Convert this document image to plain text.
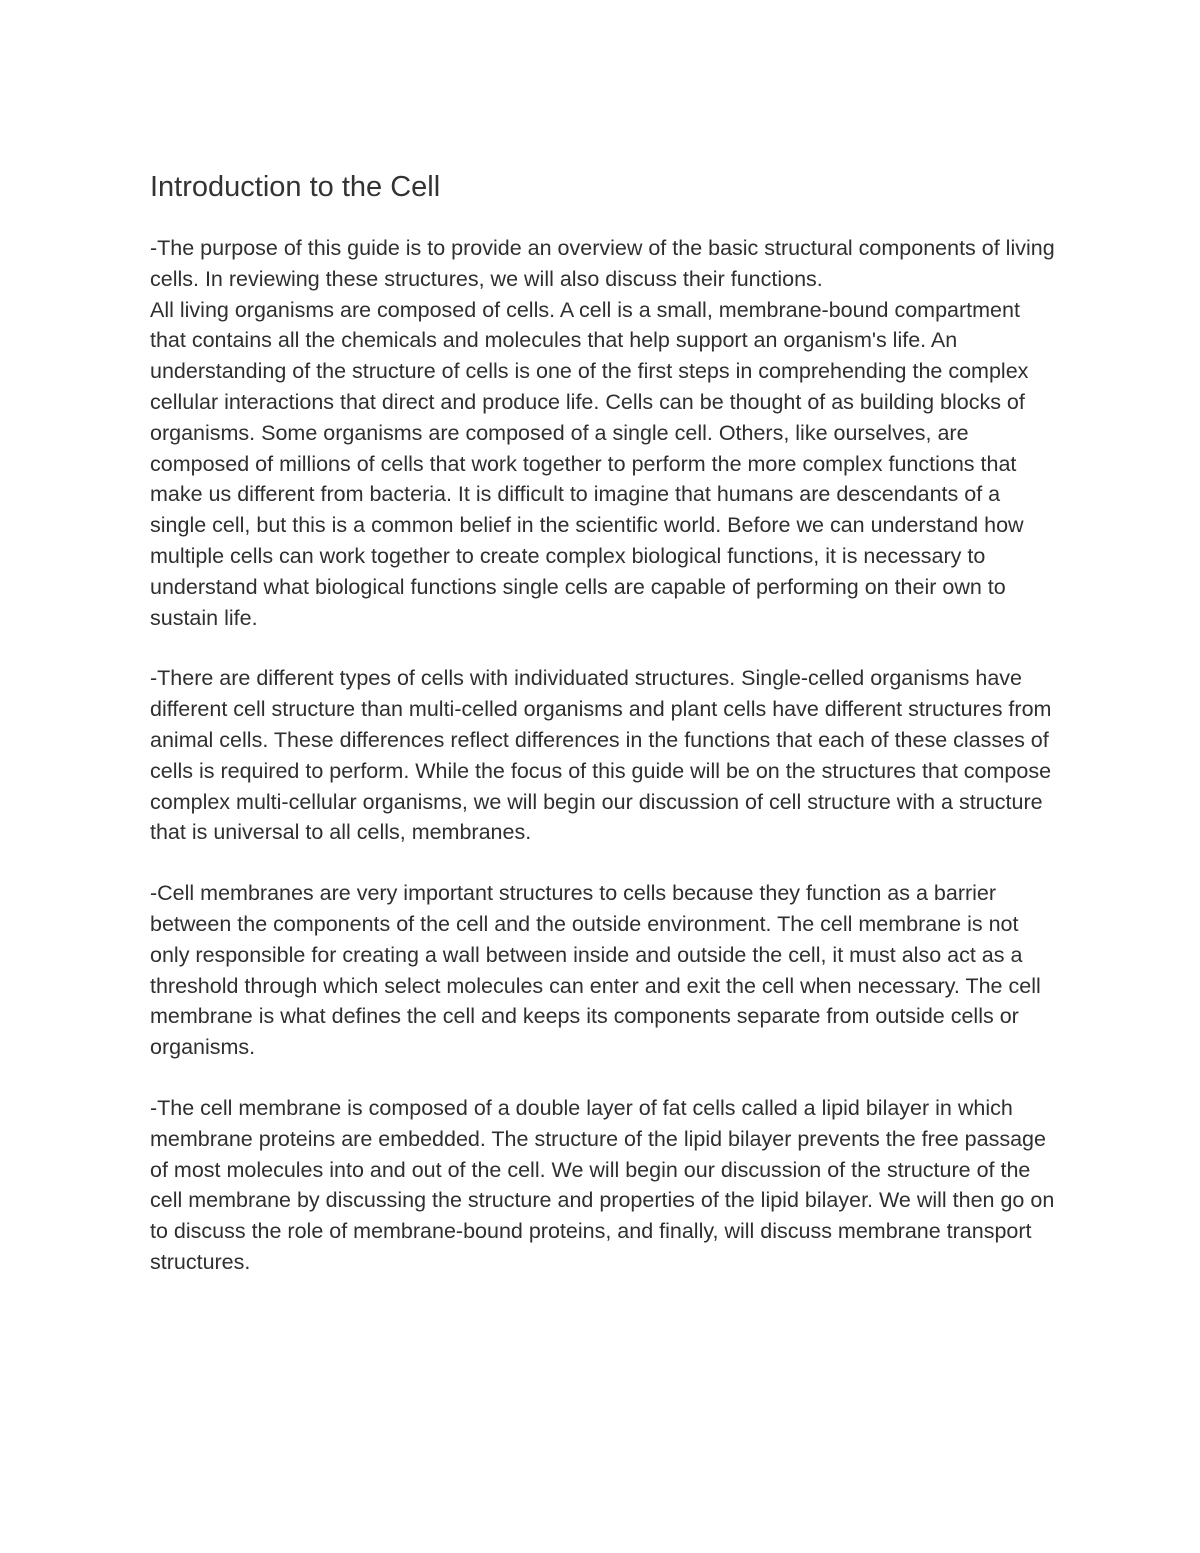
Introduction to the Cell

-The purpose of this guide is to provide an overview of the basic structural components of living cells. In reviewing these structures, we will also discuss their functions.

All living organisms are composed of cells. A cell is a small, membrane-bound compartment that contains all the chemicals and molecules that help support an organism's life. An understanding of the structure of cells is one of the first steps in comprehending the complex cellular interactions that direct and produce life. Cells can be thought of as building blocks of organisms. Some organisms are composed of a single cell. Others, like ourselves, are composed of millions of cells that work together to perform the more complex functions that make us different from bacteria. It is difficult to imagine that humans are descendants of a single cell, but this is a common belief in the scientific world. Before we can understand how multiple cells can work together to create complex biological functions, it is necessary to understand what biological functions single cells are capable of performing on their own to sustain life.

-There are different types of cells with individuated structures. Single-celled organisms have different cell structure than multi-celled organisms and plant cells have different structures from animal cells. These differences reflect differences in the functions that each of these classes of cells is required to perform. While the focus of this guide will be on the structures that compose complex multi-cellular organisms, we will begin our discussion of cell structure with a structure that is universal to all cells, membranes.

-Cell membranes are very important structures to cells because they function as a barrier between the components of the cell and the outside environment. The cell membrane is not only responsible for creating a wall between inside and outside the cell, it must also act as a threshold through which select molecules can enter and exit the cell when necessary. The cell membrane is what defines the cell and keeps its components separate from outside cells or organisms.

-The cell membrane is composed of a double layer of fat cells called a lipid bilayer in which membrane proteins are embedded. The structure of the lipid bilayer prevents the free passage of most molecules into and out of the cell. We will begin our discussion of the structure of the cell membrane by discussing the structure and properties of the lipid bilayer. We will then go on to discuss the role of membrane-bound proteins, and finally, will discuss membrane transport structures.
